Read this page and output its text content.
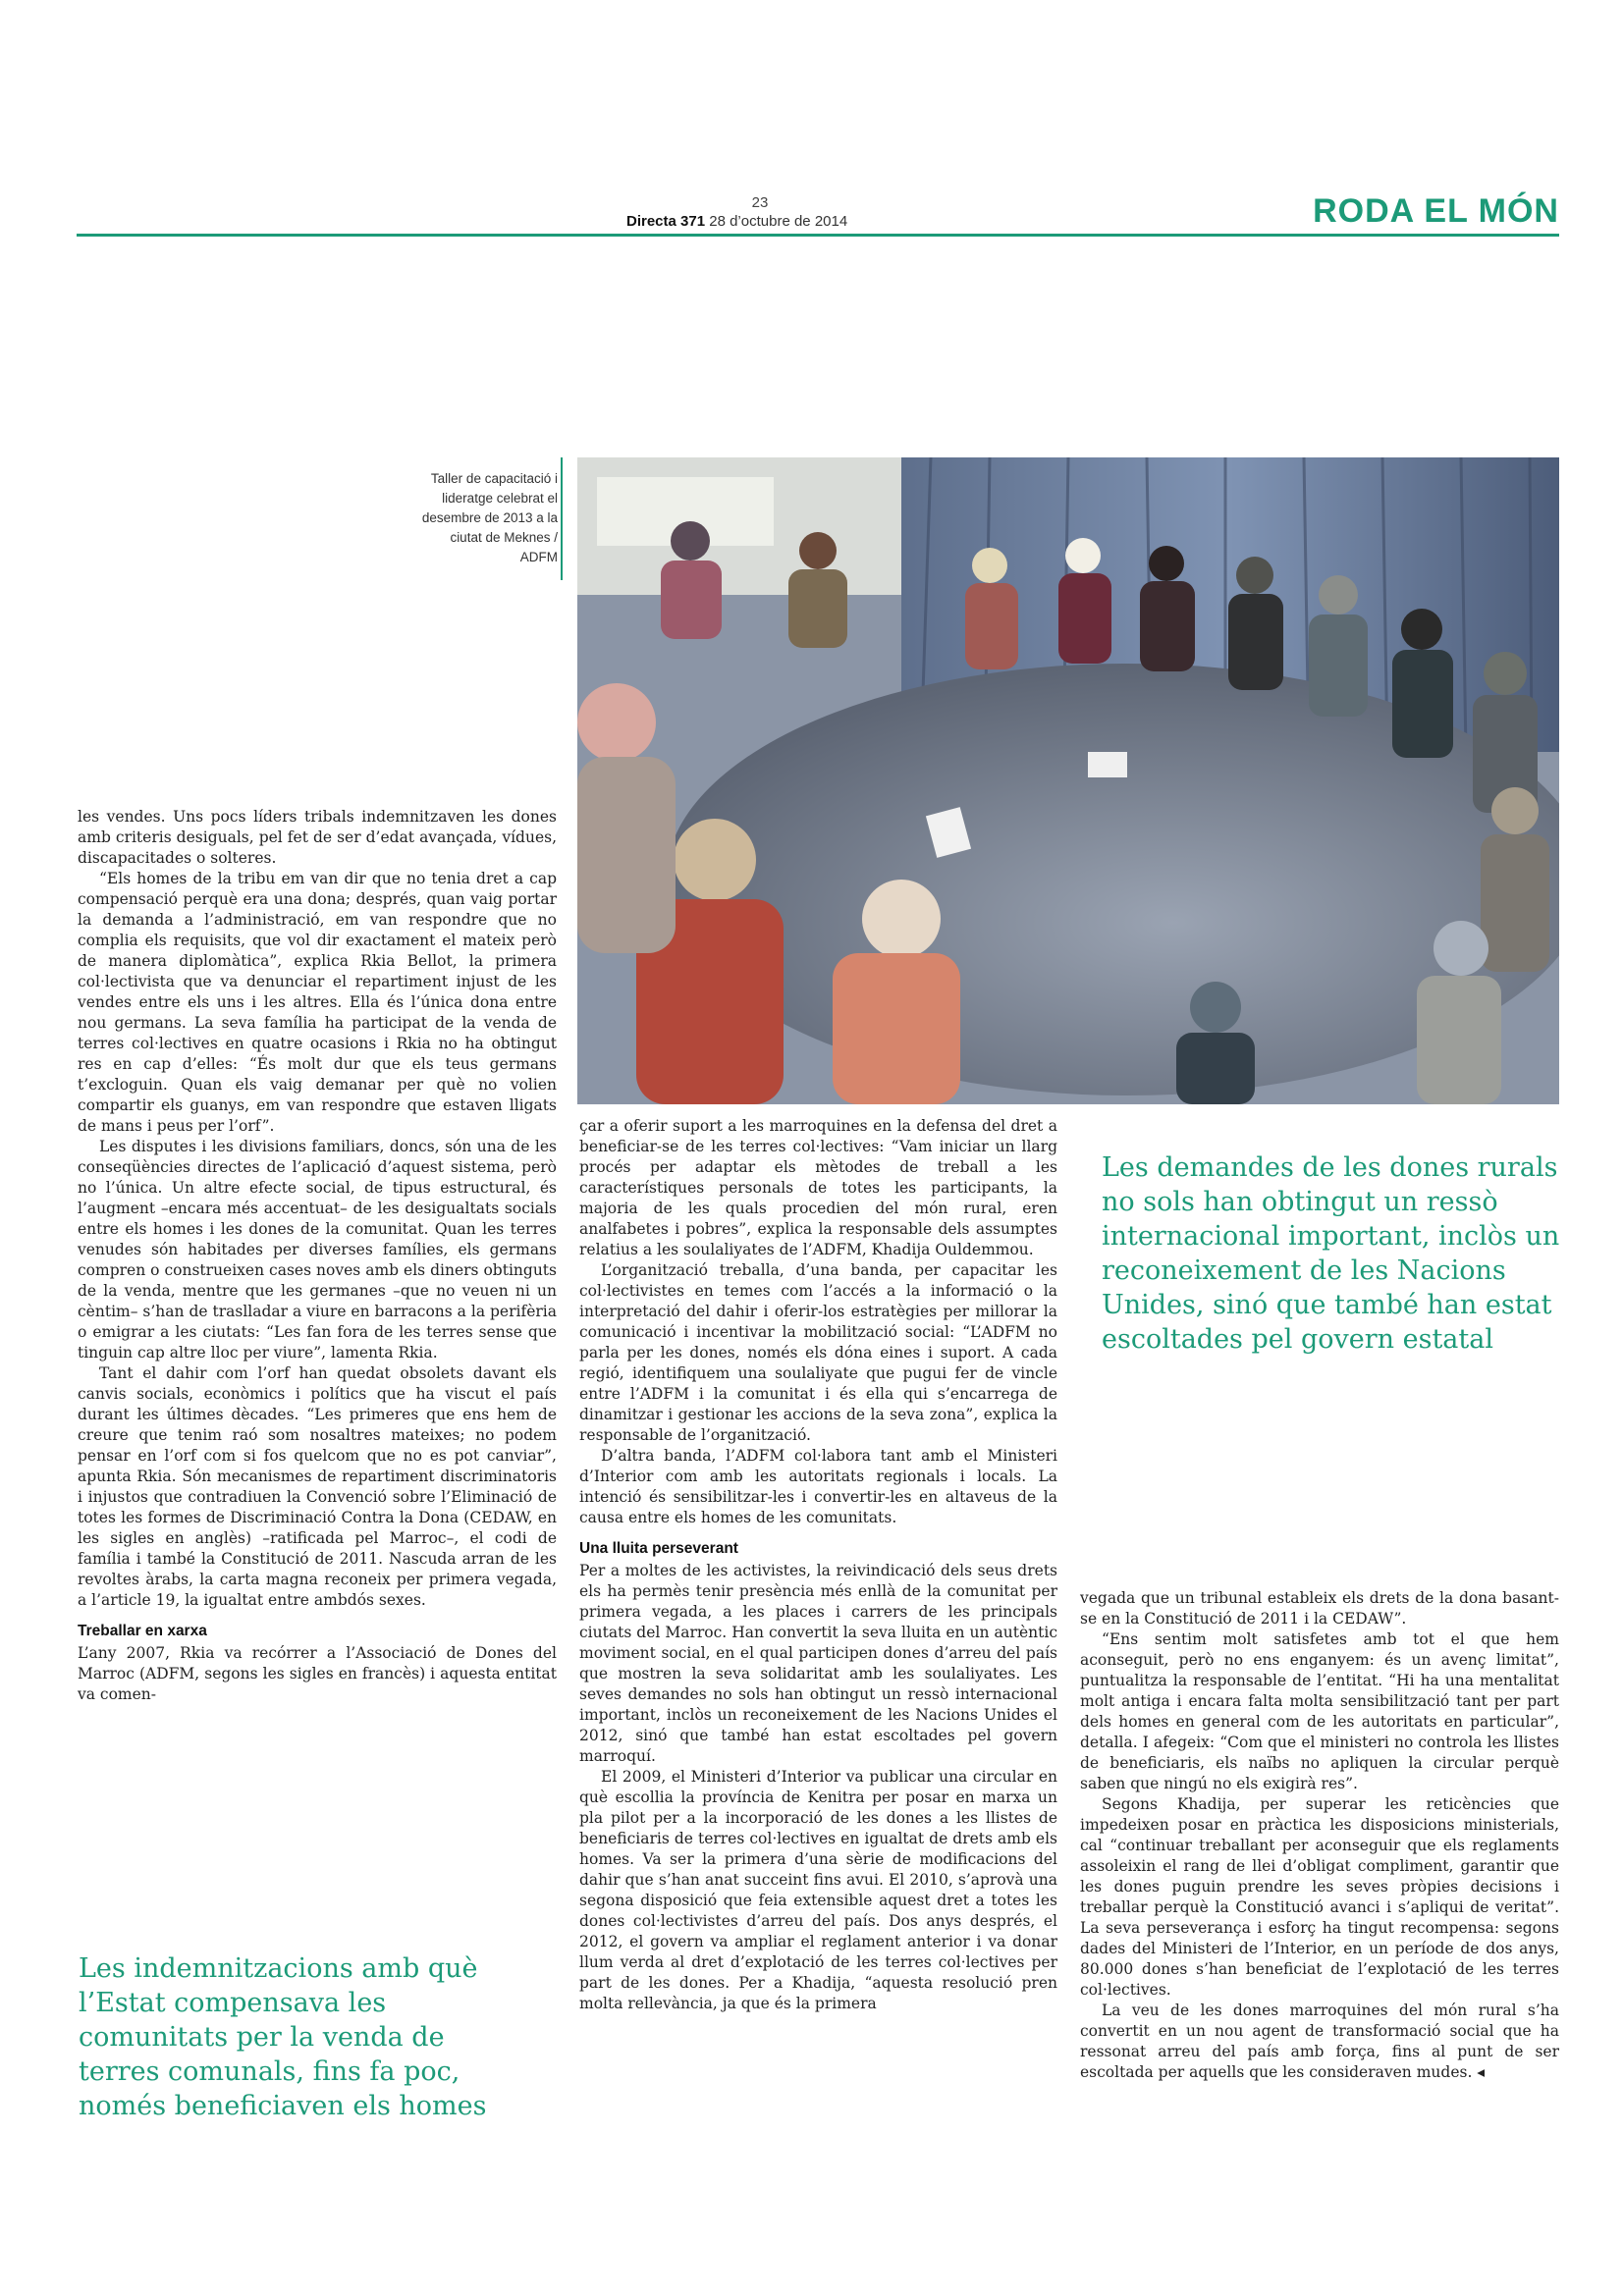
23
Directa 371 28 d’octubre de 2014	RODA EL MÓN
Taller de capacitació i lideratge celebrat el desembre de 2013 a la ciutat de Meknes / ADFM

les vendes. Uns pocs líders tribals indemnitzaven les dones amb criteris desiguals, pel fet de ser d’edat avançada, vídues, discapacitades o solteres.

“Els homes de la tribu em van dir que no tenia dret a cap compensació perquè era una dona; després, quan vaig portar la demanda a l’administració, em van respondre que no complia els requisits, que vol dir exactament el mateix però de manera diplomàtica”, explica Rkia Bellot, la primera col·lectivista que va denunciar el repartiment injust de les vendes entre els uns i les altres. Ella és l’única dona entre nou germans. La seva família ha participat de la venda de terres col·lectives en quatre ocasions i Rkia no ha obtingut res en cap d’elles: “És molt dur que els teus germans t’excloguin. Quan els vaig demanar per què no volien compartir els guanys, em van respondre que estaven lligats de mans i peus per l’orf”.

Les disputes i les divisions familiars, doncs, són una de les conseqüències directes de l’aplicació d’aquest sistema, però no l’única. Un altre efecte social, de tipus estructural, és l’augment –encara més accentuat– de les desigualtats socials entre els homes i les dones de la comunitat. Quan les terres venudes són habitades per diverses famílies, els germans compren o construeixen cases noves amb els diners obtinguts de la venda, mentre que les germanes –que no veuen ni un cèntim– s’han de traslladar a viure en barracons a la perifèria o emigrar a les ciutats: “Les fan fora de les terres sense que tinguin cap altre lloc per viure”, lamenta Rkia.

Tant el dahir com l’orf han quedat obsolets davant els canvis socials, econòmics i polítics que ha viscut el país durant les últimes dècades. “Les primeres que ens hem de creure que tenim raó som nosaltres mateixes; no podem pensar en l’orf com si fos quelcom que no es pot canviar”, apunta Rkia. Són mecanismes de repartiment discriminatoris i injustos que contradiuen la Convenció sobre l’Eliminació de totes les formes de Discriminació Contra la Dona (CEDAW, en les sigles en anglès) –ratificada pel Marroc–, el codi de família i també la Constitució de 2011. Nascuda arran de les revoltes àrabs, la carta magna reconeix per primera vegada, a l’article 19, la igualtat entre ambdós sexes.

Treballar en xarxa

L’any 2007, Rkia va recórrer a l’Associació de Dones del Marroc (ADFM, segons les sigles en francès) i aquesta entitat va comen-

Les indemnitzacions amb què l’Estat compensava les comunitats per la venda de terres comunals, fins fa poc, només beneficiaven els homes

çar a oferir suport a les marroquines en la defensa del dret a beneficiar-se de les terres col·lectives: “Vam iniciar un llarg procés per adaptar els mètodes de treball a les característiques personals de totes les participants, la majoria de les quals procedien del món rural, eren analfabetes i pobres”, explica la responsable dels assumptes relatius a les soulaliyates de l’ADFM, Khadija Ouldemmou.

L’organització treballa, d’una banda, per capacitar les col·lectivistes en temes com l’accés a la informació o la interpretació del dahir i oferir-los estratègies per millorar la comunicació i incentivar la mobilització social: “L’ADFM no parla per les dones, només els dóna eines i suport. A cada regió, identifiquem una soulaliyate que pugui fer de vincle entre l’ADFM i la comunitat i és ella qui s’encarrega de dinamitzar i gestionar les accions de la seva zona”, explica la responsable de l’organització.

D’altra banda, l’ADFM col·labora tant amb el Ministeri d’Interior com amb les autoritats regionals i locals. La intenció és sensibilitzar-les i convertir-les en altaveus de la causa entre els homes de les comunitats.

Una lluita perseverant

Per a moltes de les activistes, la reivindicació dels seus drets els ha permès tenir presència més enllà de la comunitat per primera vegada, a les places i carrers de les principals ciutats del Marroc. Han convertit la seva lluita en un autèntic moviment social, en el qual participen dones d’arreu del país que mostren la seva solidaritat amb les soulaliyates. Les seves demandes no sols han obtingut un ressò internacional important, inclòs un reconeixement de les Nacions Unides el 2012, sinó que també han estat escoltades pel govern marroquí.

El 2009, el Ministeri d’Interior va publicar una circular en què escollia la província de Kenitra per posar en marxa un pla pilot per a la incorporació de les dones a les llistes de beneficiaris de terres col·lectives en igualtat de drets amb els homes. Va ser la primera d’una sèrie de modificacions del dahir que s’han anat succeint fins avui. El 2010, s’aprovà una segona disposició que feia extensible aquest dret a totes les dones col·lectivistes d’arreu del país. Dos anys després, el 2012, el govern va ampliar el reglament anterior i va donar llum verda al dret d’explotació de les terres col·lectives per part de les dones. Per a Khadija, “aquesta resolució pren molta rellevància, ja que és la primera

Les demandes de les dones rurals no sols han obtingut un ressò internacional important, inclòs un reconeixement de les Nacions Unides, sinó que també han estat escoltades pel govern estatal

vegada que un tribunal estableix els drets de la dona basant-se en la Constitució de 2011 i la CEDAW”.

“Ens sentim molt satisfetes amb tot el que hem aconseguit, però no ens enganyem: és un avenç limitat”, puntualitza la responsable de l’entitat. “Hi ha una mentalitat molt antiga i encara falta molta sensibilització tant per part dels homes en general com de les autoritats en particular”, detalla. I afegeix: “Com que el ministeri no controla les llistes de beneficiaris, els naïbs no apliquen la circular perquè saben que ningú no els exigirà res”.

Segons Khadija, per superar les reticències que impedeixen posar en pràctica les disposicions ministerials, cal “continuar treballant per aconseguir que els reglaments assoleixin el rang de llei d’obligat compliment, garantir que les dones puguin prendre les seves pròpies decisions i treballar perquè la Constitució avanci i s’apliqui de veritat”. La seva perseverança i esforç ha tingut recompensa: segons dades del Ministeri de l’Interior, en un període de dos anys, 80.000 dones s’han beneficiat de l’explotació de les terres col·lectives.

La veu de les dones marroquines del món rural s’ha convertit en un nou agent de transformació social que ha ressonat arreu del país amb força, fins al punt de ser escoltada per aquells que les consideraven mudes. ◂
